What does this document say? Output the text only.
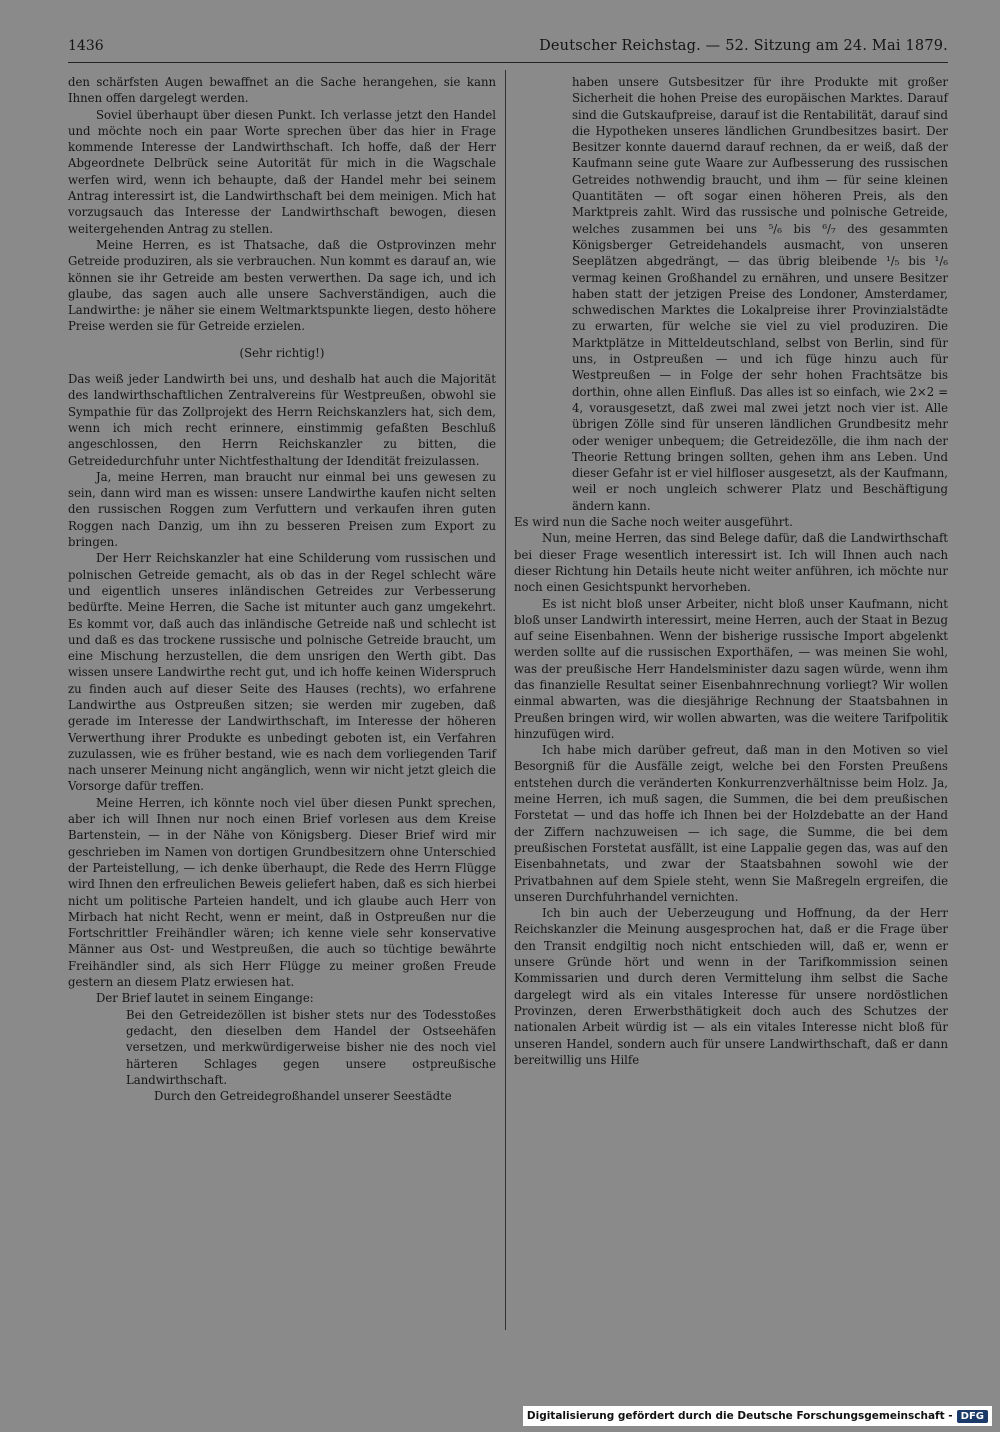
1436	Deutscher Reichstag. — 52. Sitzung am 24. Mai 1879.

den schärfsten Augen bewaffnet an die Sache herangehen, sie kann Ihnen offen dargelegt werden.

Soviel überhaupt über diesen Punkt. Ich verlasse jetzt den Handel und möchte noch ein paar Worte sprechen über das hier in Frage kommende Interesse der Landwirthschaft. Ich hoffe, daß der Herr Abgeordnete Delbrück seine Autorität für mich in die Wagschale werfen wird, wenn ich behaupte, daß der Handel mehr bei seinem Antrag interessirt ist, die Landwirthschaft bei dem meinigen. Mich hat vorzugsauch das Interesse der Landwirthschaft bewogen, diesen weitergehenden Antrag zu stellen.

Meine Herren, es ist Thatsache, daß die Ostprovinzen mehr Getreide produziren, als sie verbrauchen. Nun kommt es darauf an, wie können sie ihr Getreide am besten verwerthen. Da sage ich, und ich glaube, das sagen auch alle unsere Sachverständigen, auch die Landwirthe: je näher sie einem Weltmarktspunkte liegen, desto höhere Preise werden sie für Getreide erzielen.

(Sehr richtig!)

Das weiß jeder Landwirth bei uns, und deshalb hat auch die Majorität des landwirthschaftlichen Zentralvereins für Westpreußen, obwohl sie Sympathie für das Zollprojekt des Herrn Reichskanzlers hat, sich dem, wenn ich mich recht erinnere, einstimmig gefaßten Beschluß angeschlossen, den Herrn Reichskanzler zu bitten, die Getreidedurchfuhr unter Nichtfesthaltung der Idendität freizulassen.

Ja, meine Herren, man braucht nur einmal bei uns gewesen zu sein, dann wird man es wissen: unsere Landwirthe kaufen nicht selten den russischen Roggen zum Verfuttern und verkaufen ihren guten Roggen nach Danzig, um ihn zu besseren Preisen zum Export zu bringen.

Der Herr Reichskanzler hat eine Schilderung vom russischen und polnischen Getreide gemacht, als ob das in der Regel schlecht wäre und eigentlich unseres inländischen Getreides zur Verbesserung bedürfte. Meine Herren, die Sache ist mitunter auch ganz umgekehrt. Es kommt vor, daß auch das inländische Getreide naß und schlecht ist und daß es das trockene russische und polnische Getreide braucht, um eine Mischung herzustellen, die dem unsrigen den Werth gibt. Das wissen unsere Landwirthe recht gut, und ich hoffe keinen Widerspruch zu finden auch auf dieser Seite des Hauses (rechts), wo erfahrene Landwirthe aus Ostpreußen sitzen; sie werden mir zugeben, daß gerade im Interesse der Landwirthschaft, im Interesse der höheren Verwerthung ihrer Produkte es unbedingt geboten ist, ein Verfahren zuzulassen, wie es früher bestand, wie es nach dem vorliegenden Tarif nach unserer Meinung nicht angänglich, wenn wir nicht jetzt gleich die Vorsorge dafür treffen.

Meine Herren, ich könnte noch viel über diesen Punkt sprechen, aber ich will Ihnen nur noch einen Brief vorlesen aus dem Kreise Bartenstein, — in der Nähe von Königsberg. Dieser Brief wird mir geschrieben im Namen von dortigen Grundbesitzern ohne Unterschied der Parteistellung, — ich denke überhaupt, die Rede des Herrn Flügge wird Ihnen den erfreulichen Beweis geliefert haben, daß es sich hierbei nicht um politische Parteien handelt, und ich glaube auch Herr von Mirbach hat nicht Recht, wenn er meint, daß in Ostpreußen nur die Fortschrittler Freihändler wären; ich kenne viele sehr konservative Männer aus Ost- und Westpreußen, die auch so tüchtige bewährte Freihändler sind, als sich Herr Flügge zu meiner großen Freude gestern an diesem Platz erwiesen hat.

Der Brief lautet in seinem Eingange:

Bei den Getreidezöllen ist bisher stets nur des Todesstoßes gedacht, den dieselben dem Handel der Ostseehäfen versetzen, und merkwürdigerweise bisher nie des noch viel härteren Schlages gegen unsere ostpreußische Landwirthschaft.

Durch den Getreidegroßhandel unserer Seestädte

haben unsere Gutsbesitzer für ihre Produkte mit großer Sicherheit die hohen Preise des europäischen Marktes. Darauf sind die Gutskaufpreise, darauf ist die Rentabilität, darauf sind die Hypotheken unseres ländlichen Grundbesitzes basirt. Der Besitzer konnte dauernd darauf rechnen, da er weiß, daß der Kaufmann seine gute Waare zur Aufbesserung des russischen Getreides nothwendig braucht, und ihm — für seine kleinen Quantitäten — oft sogar einen höheren Preis, als den Marktpreis zahlt. Wird das russische und polnische Getreide, welches zusammen bei uns ⁵/₆ bis ⁶/₇ des gesammten Königsberger Getreidehandels ausmacht, von unseren Seeplätzen abgedrängt, — das übrig bleibende ¹/₅ bis ¹/₆ vermag keinen Großhandel zu ernähren, und unsere Besitzer haben statt der jetzigen Preise des Londoner, Amsterdamer, schwedischen Marktes die Lokalpreise ihrer Provinzialstädte zu erwarten, für welche sie viel zu viel produziren. Die Marktplätze in Mitteldeutschland, selbst von Berlin, sind für uns, in Ostpreußen — und ich füge hinzu auch für Westpreußen — in Folge der sehr hohen Frachtsätze bis dorthin, ohne allen Einfluß. Das alles ist so einfach, wie 2×2 = 4, vorausgesetzt, daß zwei mal zwei jetzt noch vier ist. Alle übrigen Zölle sind für unseren ländlichen Grundbesitz mehr oder weniger unbequem; die Getreidezölle, die ihm nach der Theorie Rettung bringen sollten, gehen ihm ans Leben. Und dieser Gefahr ist er viel hilfloser ausgesetzt, als der Kaufmann, weil er noch ungleich schwerer Platz und Beschäftigung ändern kann.

Es wird nun die Sache noch weiter ausgeführt.

Nun, meine Herren, das sind Belege dafür, daß die Landwirthschaft bei dieser Frage wesentlich interessirt ist. Ich will Ihnen auch nach dieser Richtung hin Details heute nicht weiter anführen, ich möchte nur noch einen Gesichtspunkt hervorheben.

Es ist nicht bloß unser Arbeiter, nicht bloß unser Kaufmann, nicht bloß unser Landwirth interessirt, meine Herren, auch der Staat in Bezug auf seine Eisenbahnen. Wenn der bisherige russische Import abgelenkt werden sollte auf die russischen Exporthäfen, — was meinen Sie wohl, was der preußische Herr Handelsminister dazu sagen würde, wenn ihm das finanzielle Resultat seiner Eisenbahnrechnung vorliegt? Wir wollen einmal abwarten, was die diesjährige Rechnung der Staatsbahnen in Preußen bringen wird, wir wollen abwarten, was die weitere Tarifpolitik hinzufügen wird.

Ich habe mich darüber gefreut, daß man in den Motiven so viel Besorgniß für die Ausfälle zeigt, welche bei den Forsten Preußens entstehen durch die veränderten Konkurrenzverhältnisse beim Holz. Ja, meine Herren, ich muß sagen, die Summen, die bei dem preußischen Forstetat — und das hoffe ich Ihnen bei der Holzdebatte an der Hand der Ziffern nachzuweisen — ich sage, die Summe, die bei dem preußischen Forstetat ausfällt, ist eine Lappalie gegen das, was auf den Eisenbahnetats, und zwar der Staatsbahnen sowohl wie der Privatbahnen auf dem Spiele steht, wenn Sie Maßregeln ergreifen, die unseren Durchfuhrhandel vernichten.

Ich bin auch der Ueberzeugung und Hoffnung, da der Herr Reichskanzler die Meinung ausgesprochen hat, daß er die Frage über den Transit endgiltig noch nicht entschieden will, daß er, wenn er unsere Gründe hört und wenn in der Tarifkommission seinen Kommissarien und durch deren Vermittelung ihm selbst die Sache dargelegt wird als ein vitales Interesse für unsere nordöstlichen Provinzen, deren Erwerbsthätigkeit doch auch des Schutzes der nationalen Arbeit würdig ist — als ein vitales Interesse nicht bloß für unseren Handel, sondern auch für unsere Landwirthschaft, daß er dann bereitwillig uns Hilfe

Digitalisierung gefördert durch die Deutsche Forschungsgemeinschaft - DFG
